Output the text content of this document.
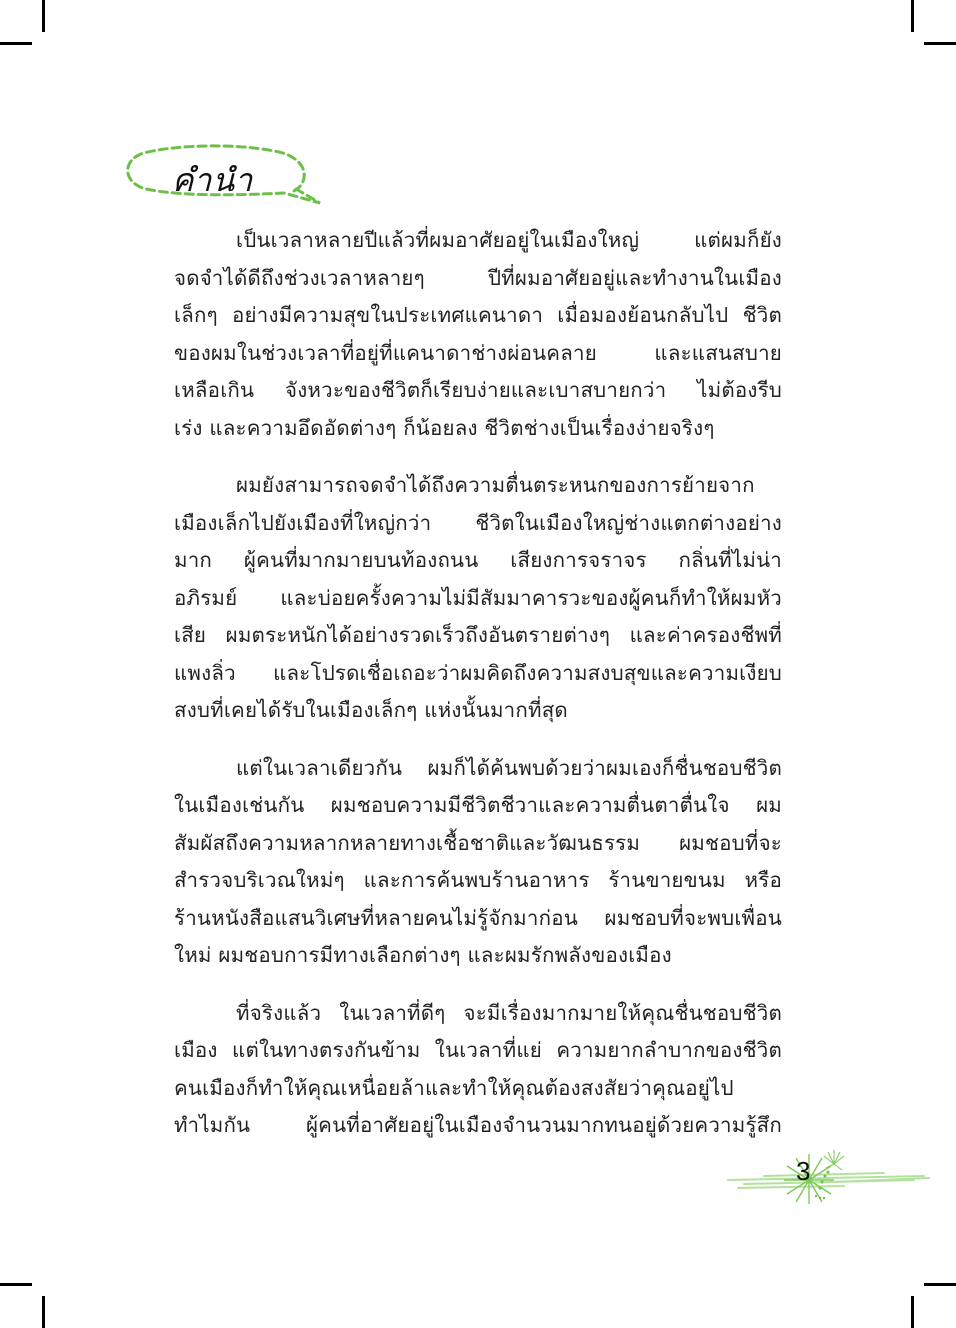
คำนำ
เป็นเวลาหลายปีแล้วที่ผมอาศัยอยู่ในเมืองใหญ่ แต่ผมก็ยัง
จดจำได้ดีถึงช่วงเวลาหลายๆ ปีที่ผมอาศัยอยู่และทำงานในเมือง
เล็กๆ อย่างมีความสุขในประเทศแคนาดา เมื่อมองย้อนกลับไป ชีวิต
ของผมในช่วงเวลาที่อยู่ที่แคนาดาช่างผ่อนคลาย และแสนสบาย
เหลือเกิน จังหวะของชีวิตก็เรียบง่ายและเบาสบายกว่า ไม่ต้องรีบ
เร่ง และความอึดอัดต่างๆ ก็น้อยลง ชีวิตช่างเป็นเรื่องง่ายจริงๆ
ผมยังสามารถจดจำได้ถึงความตื่นตระหนกของการย้ายจาก
เมืองเล็กไปยังเมืองที่ใหญ่กว่า ชีวิตในเมืองใหญ่ช่างแตกต่างอย่าง
มาก ผู้คนที่มากมายบนท้องถนน เสียงการจราจร กลิ่นที่ไม่น่า
อภิรมย์ และบ่อยครั้งความไม่มีสัมมาคารวะของผู้คนก็ทำให้ผมหัว
เสีย ผมตระหนักได้อย่างรวดเร็วถึงอันตรายต่างๆ และค่าครองชีพที่
แพงลิ่ว และโปรดเชื่อเถอะว่าผมคิดถึงความสงบสุขและความเงียบ
สงบที่เคยได้รับในเมืองเล็กๆ แห่งนั้นมากที่สุด
แต่ในเวลาเดียวกัน ผมก็ได้ค้นพบด้วยว่าผมเองก็ชื่นชอบชีวิต
ในเมืองเช่นกัน ผมชอบความมีชีวิตชีวาและความตื่นตาตื่นใจ ผม
สัมผัสถึงความหลากหลายทางเชื้อชาติและวัฒนธรรม ผมชอบที่จะ
สำรวจบริเวณใหม่ๆ และการค้นพบร้านอาหาร ร้านขายขนม หรือ
ร้านหนังสือแสนวิเศษที่หลายคนไม่รู้จักมาก่อน ผมชอบที่จะพบเพื่อน
ใหม่ ผมชอบการมีทางเลือกต่างๆ และผมรักพลังของเมือง
ที่จริงแล้ว ในเวลาที่ดีๆ จะมีเรื่องมากมายให้คุณชื่นชอบชีวิต
เมือง แต่ในทางตรงกันข้าม ในเวลาที่แย่ ความยากลำบากของชีวิต
คนเมืองก็ทำให้คุณเหนื่อยล้าและทำให้คุณต้องสงสัยว่าคุณอยู่ไป
ทำไมกัน ผู้คนที่อาศัยอยู่ในเมืองจำนวนมากทนอยู่ด้วยความรู้สึก
3
